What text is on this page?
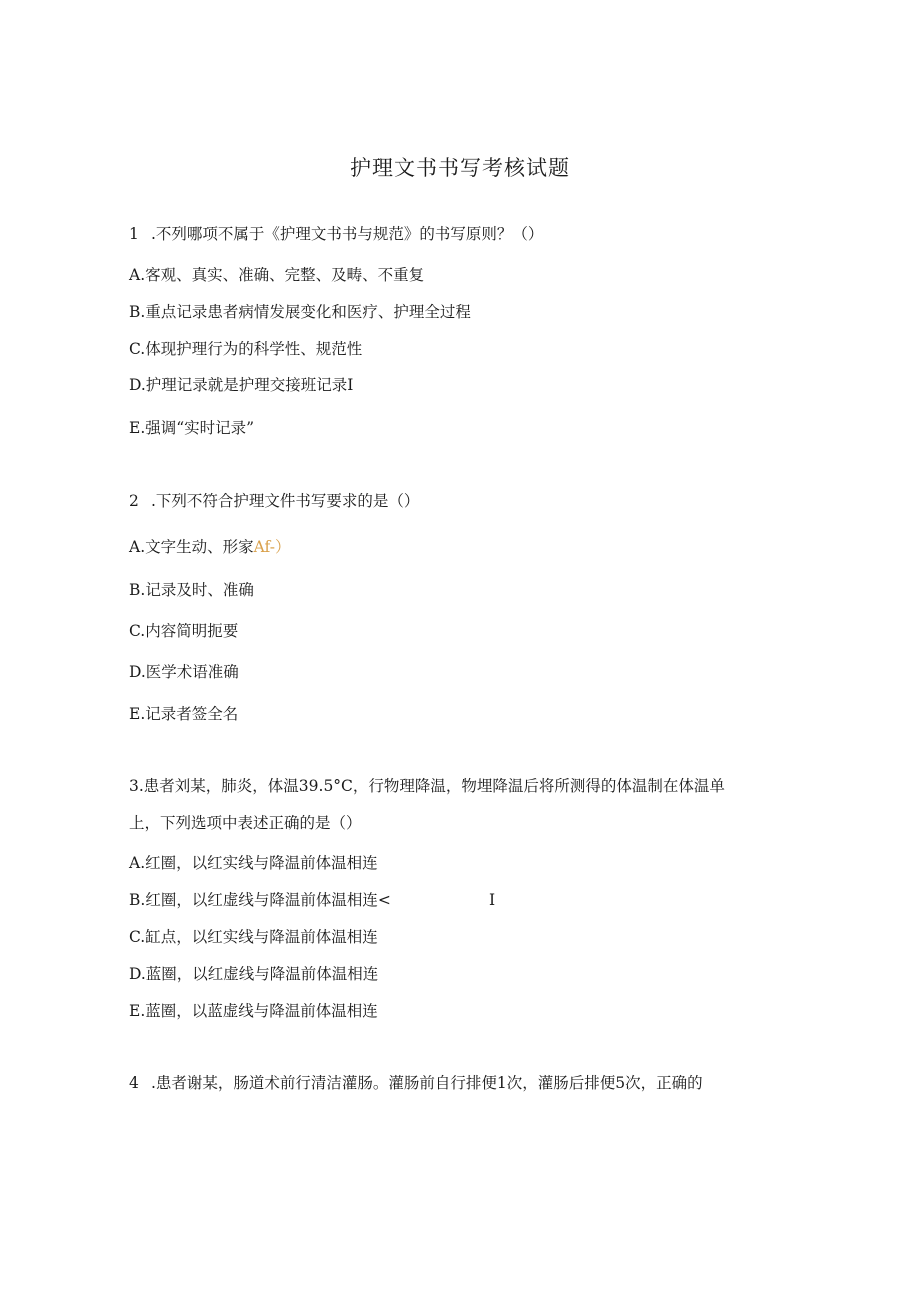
护理文书书写考核试题
1 .不列哪项不属于《护理文书书与规范》的书写原则？（）
A.客观、真实、准确、完整、及畴、不重复
B.重点记录患者病情发展变化和医疗、护理全过程
C.体现护理行为的科学性、规范性
D.护理记录就是护理交接班记录I
E.强调“实时记录”
2 .下列不符合护理文件书写要求的是（）
A.文字生动、形家Af-）
B.记录及时、准确
C.内容简明扼要
D.医学术语准确
E.记录者签全名
3.患者刘某，肺炎，体温39.5°C，行物理降温，物埋降温后将所测得的体温制在体温单
上，下列选项中表述正确的是（）
A.红圈，以红实线与降温前体温相连
B.红圈，以红虚线与降温前体温相连<	I
C.缸点，以红实线与降温前体温相连
D.蓝圈，以红虚线与降温前体温相连
E.蓝圈，以蓝虚线与降温前体温相连
4 .患者谢某，肠道术前行清洁灌肠。灌肠前自行排便1次，灌肠后排便5次，正确的
